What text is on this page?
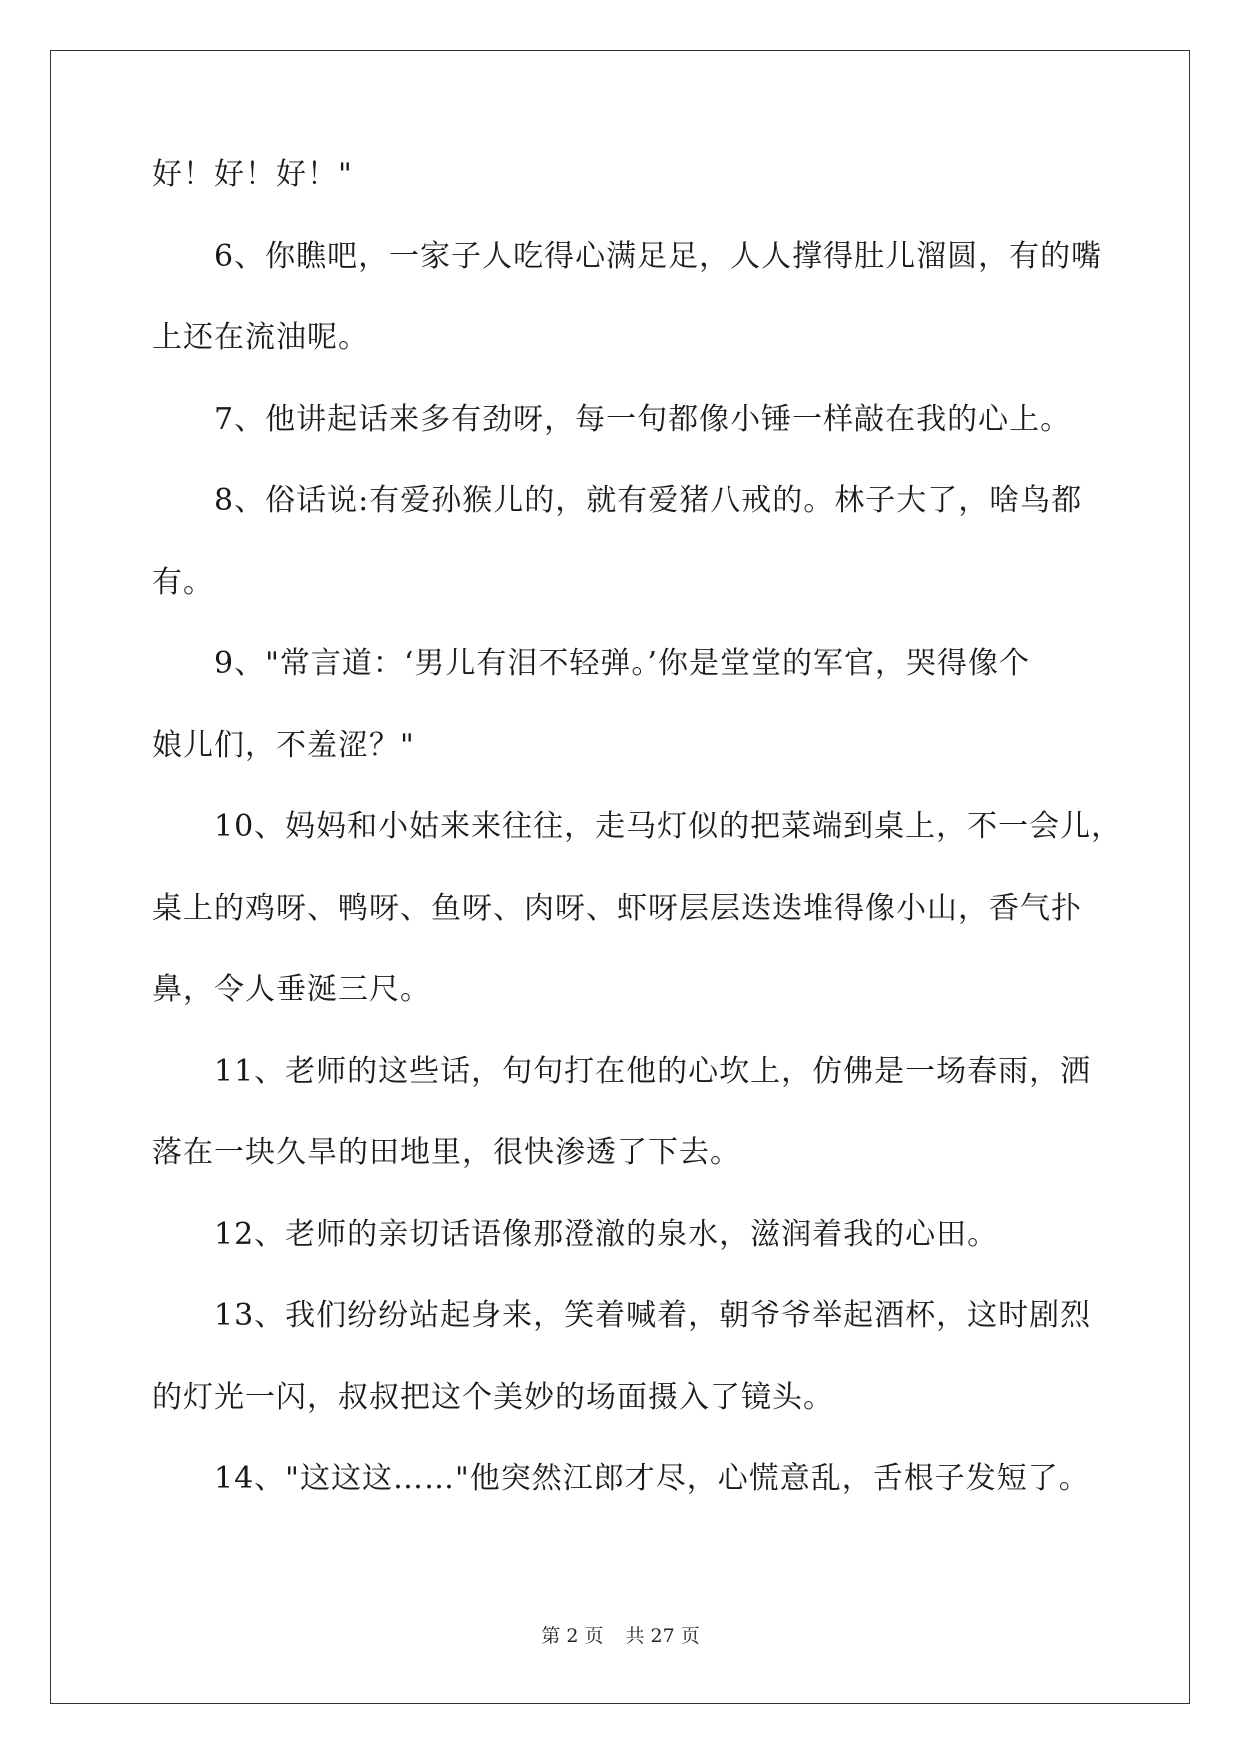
好！好！好！"
6、你瞧吧，一家子人吃得心满足足，人人撑得肚儿溜圆，有的嘴
上还在流油呢。
7、他讲起话来多有劲呀，每一句都像小锤一样敲在我的心上。
8、俗话说:有爱孙猴儿的，就有爱猪八戒的。林子大了，啥鸟都
有。
9、"常言道：‘男儿有泪不轻弹。’你是堂堂的军官，哭得像个
娘儿们，不羞涩？"
10、妈妈和小姑来来往往，走马灯似的把菜端到桌上，不一会儿，
桌上的鸡呀、鸭呀、鱼呀、肉呀、虾呀层层迭迭堆得像小山，香气扑
鼻，令人垂涎三尺。
11、老师的这些话，句句打在他的心坎上，仿佛是一场春雨，洒
落在一块久旱的田地里，很快渗透了下去。
12、老师的亲切话语像那澄澈的泉水，滋润着我的心田。
13、我们纷纷站起身来，笑着喊着，朝爷爷举起酒杯，这时剧烈
的灯光一闪，叔叔把这个美妙的场面摄入了镜头。
14、"这这这……"他突然江郎才尽，心慌意乱，舌根子发短了。
第 2 页 共 27 页
